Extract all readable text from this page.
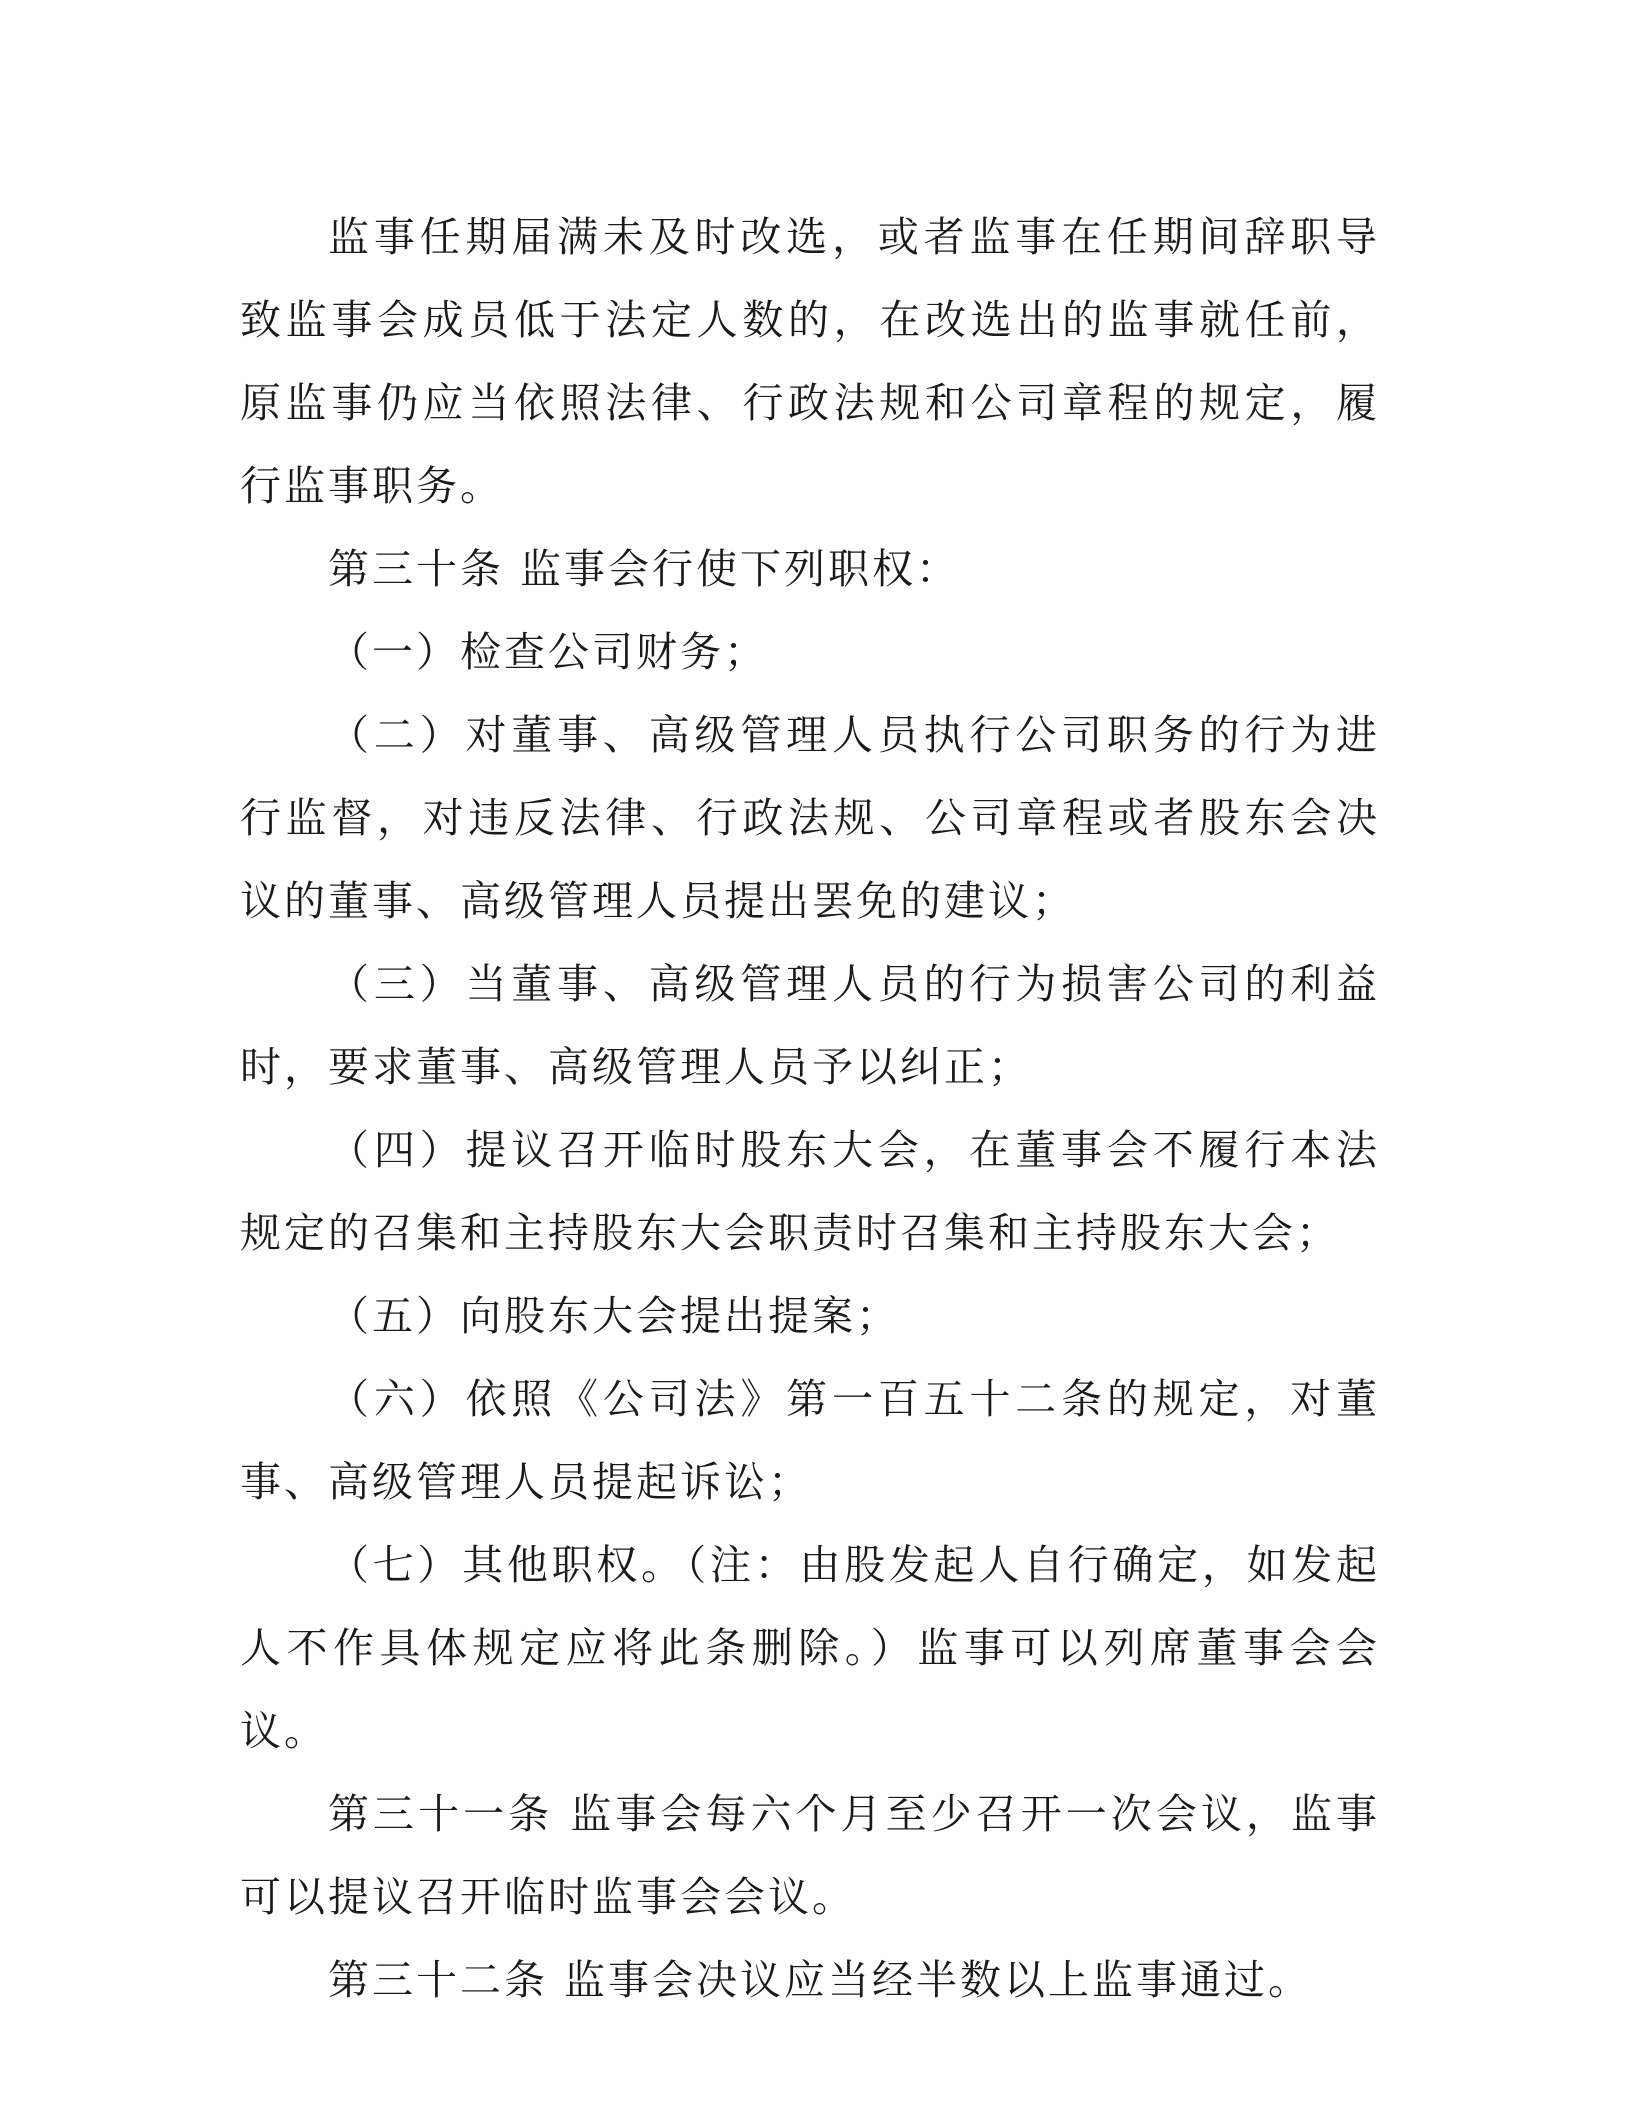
监事任期届满未及时改选，或者监事在任期间辞职导致监事会成员低于法定人数的，在改选出的监事就任前，原监事仍应当依照法律、行政法规和公司章程的规定，履行监事职务。

第三十条 监事会行使下列职权：

（一）检查公司财务；

（二）对董事、高级管理人员执行公司职务的行为进行监督，对违反法律、行政法规、公司章程或者股东会决议的董事、高级管理人员提出罢免的建议；

（三）当董事、高级管理人员的行为损害公司的利益时，要求董事、高级管理人员予以纠正；

（四）提议召开临时股东大会，在董事会不履行本法规定的召集和主持股东大会职责时召集和主持股东大会；

（五）向股东大会提出提案；

（六）依照《公司法》第一百五十二条的规定，对董事、高级管理人员提起诉讼；

（七）其他职权。（注：由股发起人自行确定，如发起人不作具体规定应将此条删除。）监事可以列席董事会会议。

第三十一条 监事会每六个月至少召开一次会议，监事可以提议召开临时监事会会议。

第三十二条 监事会决议应当经半数以上监事通过。
